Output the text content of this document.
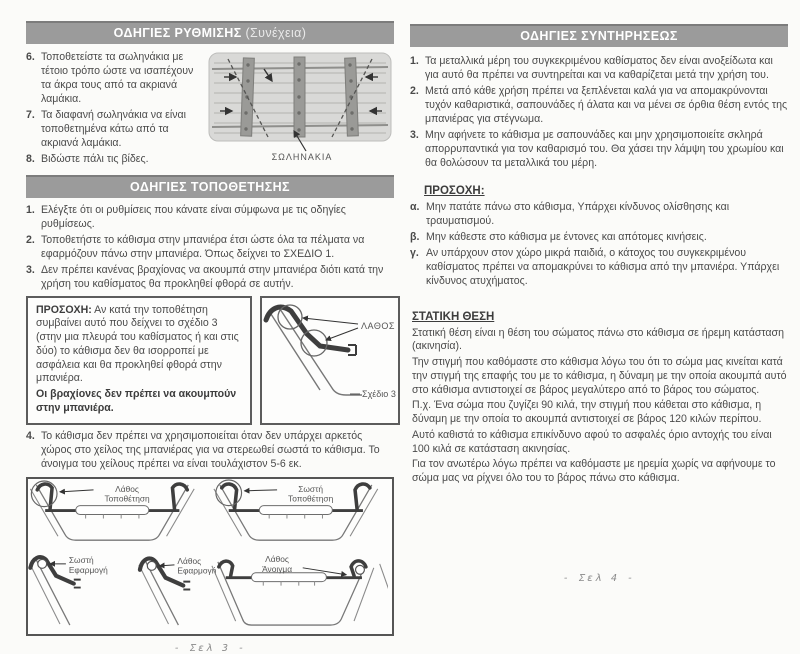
ΟΔΗΓΙΕΣ ΡΥΘΜΙΣΗΣ (Συνέχεια)
6. Τοποθετείστε τα σωληνάκια με τέτοιο τρόπο ώστε να ισαπέχουν τα άκρα τους από τα ακριανά λαμάκια.
7. Τα διαφανή σωληνάκια να είναι τοποθετημένα κάτω από τα ακριανά λαμάκια.
8. Βιδώστε πάλι τις βίδες.	ΣΩΛΗΝΑΚΙΑ
ΟΔΗΓΙΕΣ ΤΟΠΟΘΕΤΗΣΗΣ
1. Ελέγξτε ότι οι ρυθμίσεις που κάνατε είναι σύμφωνα με τις οδηγίες ρυθμίσεως.
2. Τοποθετήστε το κάθισμα στην μπανιέρα έτσι ώστε όλα τα πέλματα να εφαρμόζουν πάνω στην μπανιέρα. Όπως δείχνει το ΣΧΕΔΙΟ 1.
3. Δεν πρέπει κανένας βραχίονας να ακουμπά στην μπανιέρα διότι κατά την χρήση του καθίσματος θα προκληθεί φθορά σε αυτήν.
ΠΡΟΣΟΧΗ: Αν κατά την τοποθέτηση συμβαίνει αυτό που δείχνει το σχέδιο 3 (στην μια πλευρά του καθίσματος ή και στις δύο) το κάθισμα δεν θα ισορροπεί με ασφάλεια και θα προκληθεί φθορά στην μπανιέρα.
Οι βραχίονες δεν πρέπει να ακουμπούν στην μπανιέρα.
ΛΑΘΟΣ
Σχέδιο 3
4. Το κάθισμα δεν πρέπει να χρησιμοποιείται όταν δεν υπάρχει αρκετός χώρος στο χείλος της μπανιέρας για να στερεωθεί σωστά το κάθισμα. Το άνοιγμα του χείλους πρέπει να είναι τουλάχιστον 5-6 εκ.
Λάθος
Τοποθέτηση
Σωστή
Τοποθέτηση
Σωστή
Εφαρμογή
Λάθος
Εφαρμογή
Λάθος
Άνοιγμα
- Σελ 3 -
ΟΔΗΓΙΕΣ ΣΥΝΤΗΡΗΣΕΩΣ
1. Τα μεταλλικά μέρη του συγκεκριμένου καθίσματος δεν είναι ανοξείδωτα και για αυτό θα πρέπει να συντηρείται και να καθαρίζεται μετά την χρήση του.
2. Μετά από κάθε χρήση πρέπει να ξεπλένεται καλά για να απομακρύνονται τυχόν καθαριστικά, σαπουνάδες ή άλατα και να μένει σε όρθια θέση εντός της μπανιέρας για στέγνωμα.
3. Μην αφήνετε το κάθισμα με σαπουνάδες και μην χρησιμοποιείτε σκληρά απορρυπαντικά για τον καθαρισμό του. Θα χάσει την λάμψη του χρωμίου και θα θολώσουν τα μεταλλικά του μέρη.
ΠΡΟΣΟΧΗ:
α. Μην πατάτε πάνω στο κάθισμα, Υπάρχει κίνδυνος ολίσθησης και τραυματισμού.
β. Μην κάθεστε στο κάθισμα με έντονες και απότομες κινήσεις.
γ. Αν υπάρχουν στον χώρο μικρά παιδιά, ο κάτοχος του συγκεκριμένου καθίσματος πρέπει να απομακρύνει το κάθισμα από την μπανιέρα. Υπάρχει κίνδυνος ατυχήματος.
ΣΤΑΤΙΚΗ ΘΕΣΗ

Στατική θέση είναι η θέση του σώματος πάνω στο κάθισμα σε ήρεμη κατάσταση (ακινησία).

Την στιγμή που καθόμαστε στο κάθισμα λόγω του ότι το σώμα μας κινείται κατά την στιγμή της επαφής του με το κάθισμα, η δύναμη με την οποία ακουμπά αυτό στο κάθισμα αντιστοιχεί σε βάρος μεγαλύτερο από το βάρος του σώματος.

Π.χ. Ένα σώμα που ζυγίζει 90 κιλά, την στιγμή που κάθεται στο κάθισμα, η δύναμη με την οποία το ακουμπά αντιστοιχεί σε βάρος 120 κιλών περίπου.

Αυτό καθιστά το κάθισμα επικίνδυνο αφού το ασφαλές όριο αντοχής του είναι 100 κιλά σε κατάσταση ακινησίας.

Για τον ανωτέρω λόγω πρέπει να καθόμαστε με ηρεμία χωρίς να αφήνουμε το σώμα μας να ρίχνει όλο του το βάρος πάνω στο κάθισμα.

- Σελ 4 -
